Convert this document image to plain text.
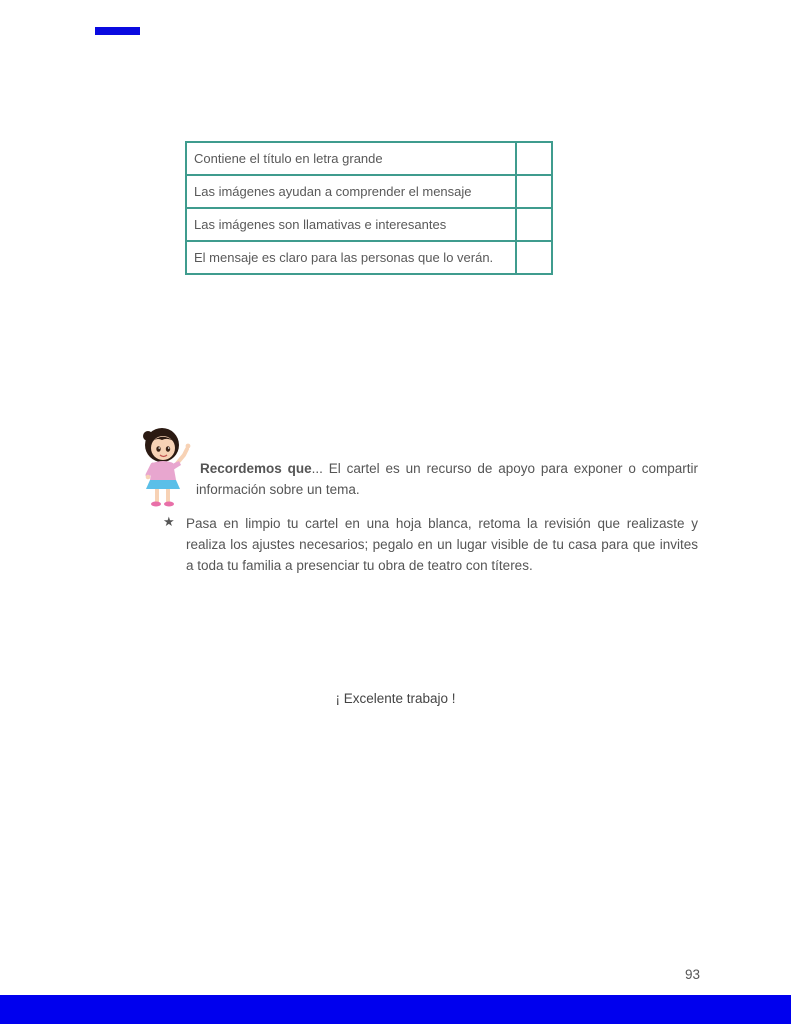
Contiene el título en letra grande	
Las imágenes ayudan a comprender el mensaje	
Las imágenes son llamativas e interesantes	
El mensaje es claro para las personas que lo verán.	
Recordemos que... El cartel es un recurso de apoyo para exponer o compartir información sobre un tema.
★ Pasa en limpio tu cartel en una hoja blanca, retoma la revisión que realizaste y realiza los ajustes necesarios; pegalo en un lugar visible de tu casa para que invites a toda tu familia a presenciar tu obra de teatro con títeres.
¡ Excelente trabajo !
93
